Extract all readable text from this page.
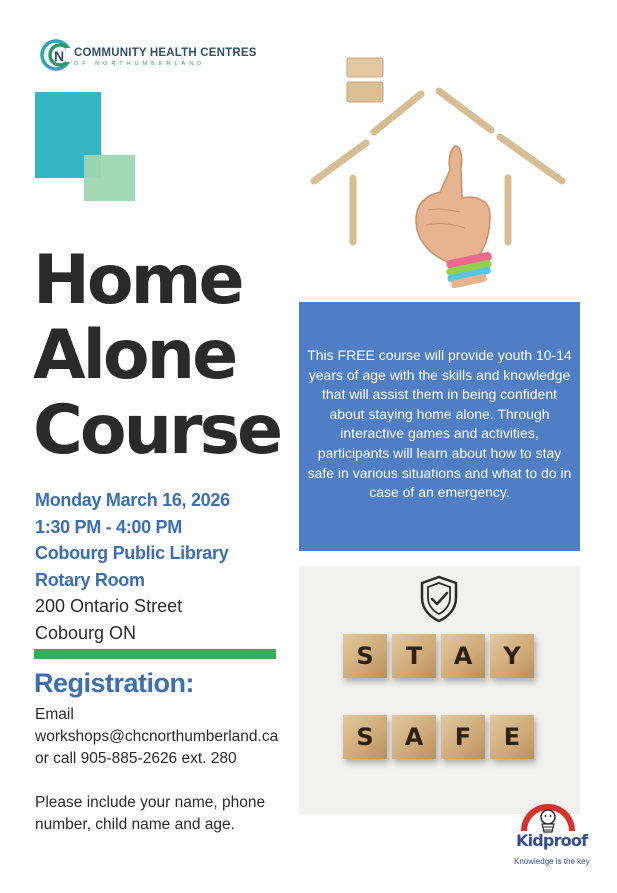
N COMMUNITY HEALTH CENTRES
OF NORTHUMBERLAND
Home
Alone
Course
Monday March 16, 2026
1:30 PM - 4:00 PM
Cobourg Public Library
Rotary Room
200 Ontario Street
Cobourg ON
Registration:
Email
workshops@chcnorthumberland.ca
or call 905-885-2626 ext. 280
Please include your name, phone number, child name and age.

This FREE course will provide youth 10-14 years of age with the skills and knowledge that will assist them in being confident about staying home alone. Through interactive games and activities, participants will learn about how to stay safe in various situations and what to do in case of an emergency.

S	T	A	Y
S	A	F	E
Kidproof
Knowledge is the key
